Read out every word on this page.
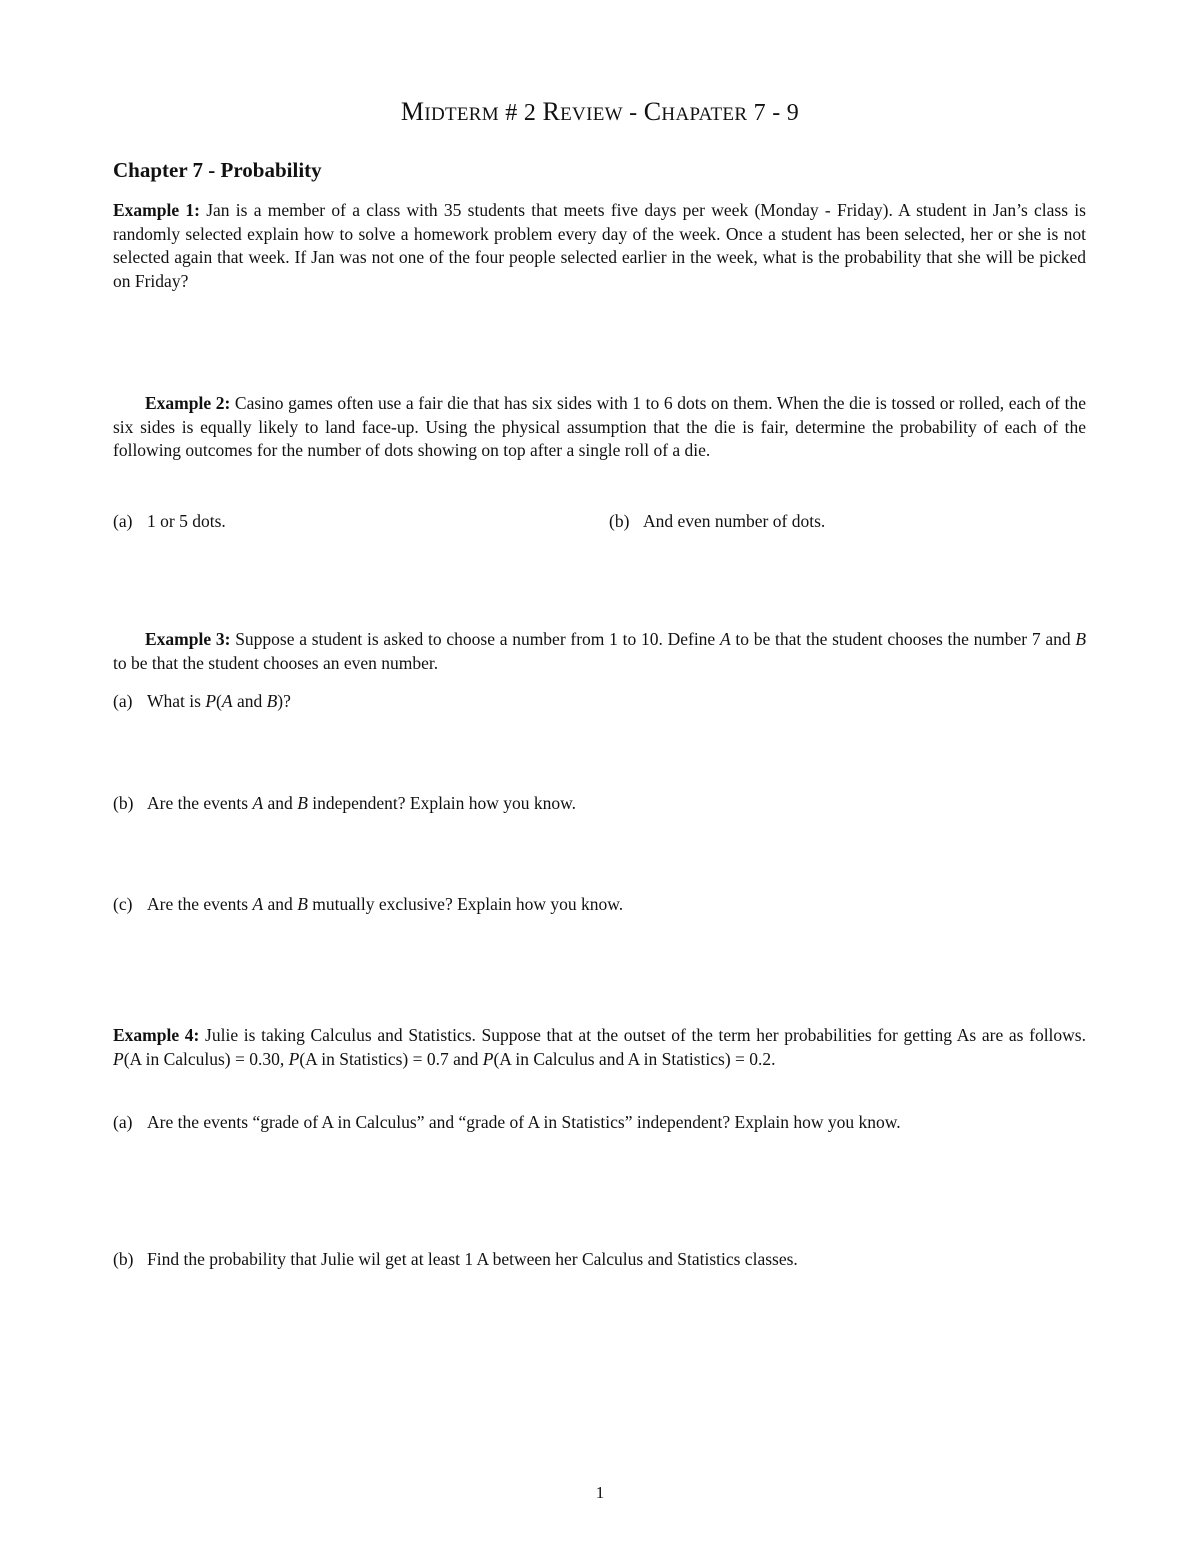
MIDTERM # 2 REVIEW - CHAPATER 7 - 9
Chapter 7 - Probability
Example 1: Jan is a member of a class with 35 students that meets five days per week (Monday - Friday). A student in Jan’s class is randomly selected explain how to solve a homework problem every day of the week. Once a student has been selected, her or she is not selected again that week. If Jan was not one of the four people selected earlier in the week, what is the probability that she will be picked on Friday?
Example 2: Casino games often use a fair die that has six sides with 1 to 6 dots on them. When the die is tossed or rolled, each of the six sides is equally likely to land face-up. Using the physical assumption that the die is fair, determine the probability of each of the following outcomes for the number of dots showing on top after a single roll of a die.
(a) 1 or 5 dots.	(b) And even number of dots.
Example 3: Suppose a student is asked to choose a number from 1 to 10. Define A to be that the student chooses the number 7 and B to be that the student chooses an even number.
(a) What is P(A and B)?
(b) Are the events A and B independent? Explain how you know.
(c) Are the events A and B mutually exclusive? Explain how you know.
Example 4: Julie is taking Calculus and Statistics. Suppose that at the outset of the term her probabilities for getting As are as follows. P(A in Calculus) = 0.30, P(A in Statistics) = 0.7 and P(A in Calculus and A in Statistics) = 0.2.
(a) Are the events “grade of A in Calculus” and “grade of A in Statistics” independent? Explain how you know.
(b) Find the probability that Julie wil get at least 1 A between her Calculus and Statistics classes.
1
